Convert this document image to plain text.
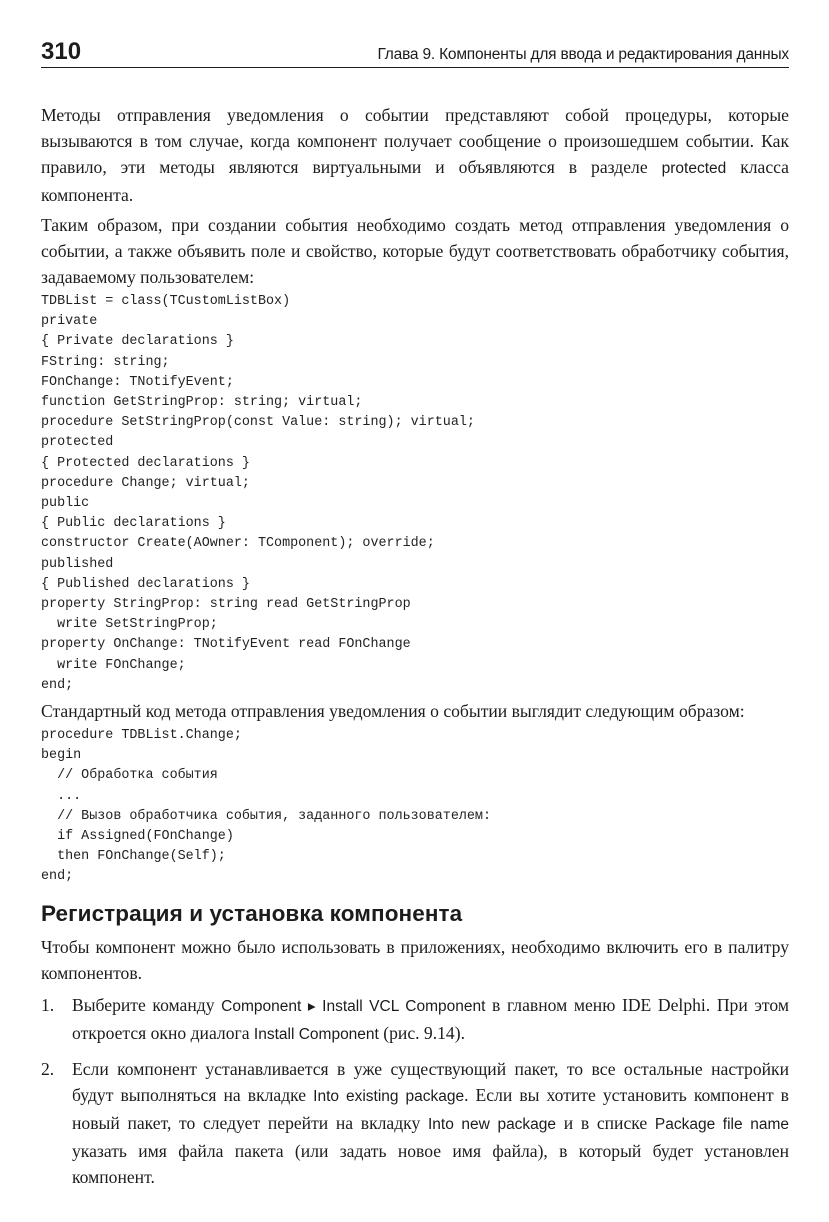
310	Глава 9. Компоненты для ввода и редактирования данных

Методы отправления уведомления о событии представляют собой процедуры, которые вызываются в том случае, когда компонент получает сообщение о произошедшем событии. Как правило, эти методы являются виртуальными и объявляются в разделе protected класса компонента.

Таким образом, при создании события необходимо создать метод отправления уведомления о событии, а также объявить поле и свойство, которые будут соответствовать обработчику события, задаваемому пользователем:

TDBList = class(TCustomListBox)
private
{ Private declarations }
FString: string;
FOnChange: TNotifyEvent;
function GetStringProp: string; virtual;
procedure SetStringProp(const Value: string); virtual;
protected
{ Protected declarations }
procedure Change; virtual;
public
{ Public declarations }
constructor Create(AOwner: TComponent); override;
published
{ Published declarations }
property StringProp: string read GetStringProp
write SetStringProp;
property OnChange: TNotifyEvent read FOnChange
write FOnChange;
end;

Стандартный код метода отправления уведомления о событии выглядит следующим образом:

procedure TDBList.Change;
begin
// Обработка события
...
// Вызов обработчика события, заданного пользователем:
if Assigned(FOnChange)
then FOnChange(Self);
end;
Регистрация и установка компонента

Чтобы компонент можно было использовать в приложениях, необходимо включить его в палитру компонентов.

1.	Выберите команду Component ▸ Install VCL Component в главном меню IDE Delphi. При этом откроется окно диалога Install Component (рис. 9.14).
2.	Если компонент устанавливается в уже существующий пакет, то все остальные настройки будут выполняться на вкладке Into existing package. Если вы хотите установить компонент в новый пакет, то следует перейти на вкладку Into new package и в списке Package file name указать имя файла пакета (или задать новое имя файла), в который будет установлен компонент.
